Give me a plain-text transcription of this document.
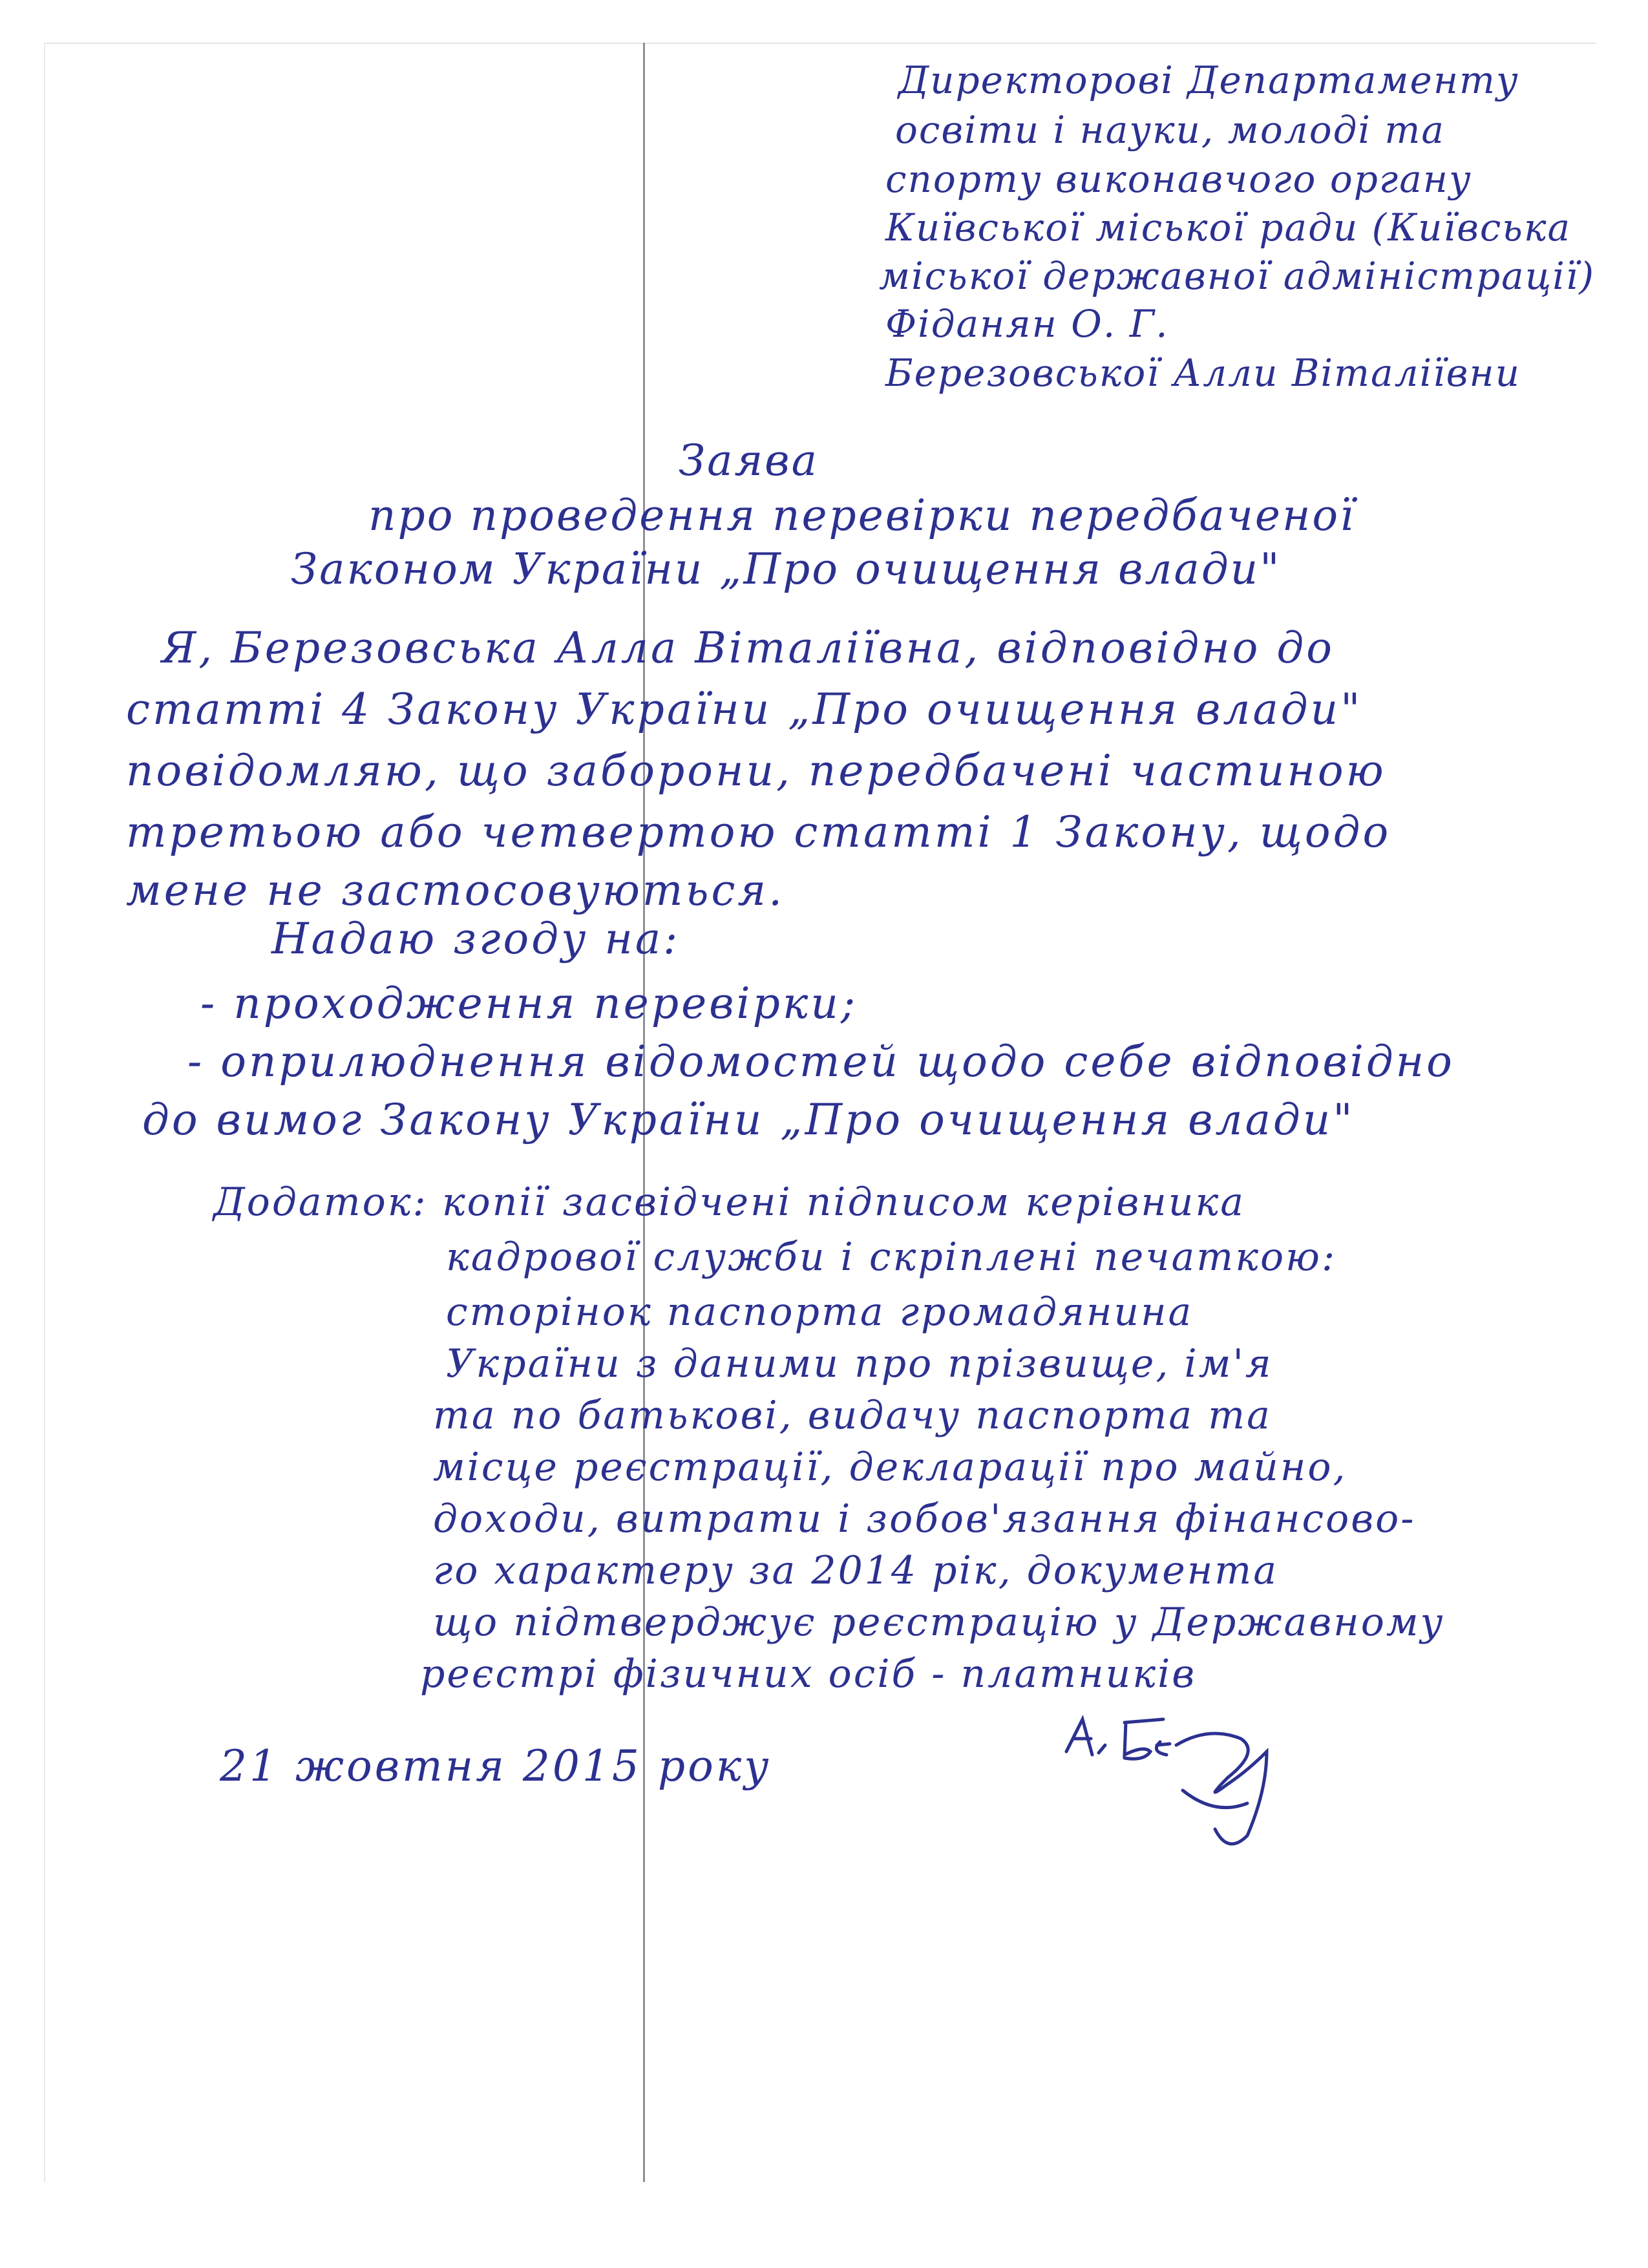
Директорові Департаменту
освіти і науки, молоді та
спорту виконавчого органу
Київської міської ради (Київська
міської державної адміністрації)
Фіданян О. Г.
Березовської Алли Віталіївни
Заява
про проведення перевірки передбаченої
Законом України „Про очищення влади"
Я, Березовська Алла Віталіївна, відповідно до
статті 4 Закону України „Про очищення влади"
повідомляю, що заборони, передбачені частиною
третьою або четвертою статті 1 Закону, щодо
мене не застосовуються.
Надаю згоду на:
- проходження перевірки;
- оприлюднення відомостей щодо себе відповідно
до вимог Закону України „Про очищення влади"
Додаток: копії засвідчені підписом керівника
кадрової служби і скріплені печаткою:
сторінок паспорта громадянина
України з даними про прізвище, ім'я
та по батькові, видачу паспорта та
місце реєстрації, декларації про майно,
доходи, витрати і зобов'язання фінансово-
го характеру за 2014 рік, документа
що підтверджує реєстрацію у Державному
реєстрі фізичних осіб - платників
21 жовтня 2015 року
